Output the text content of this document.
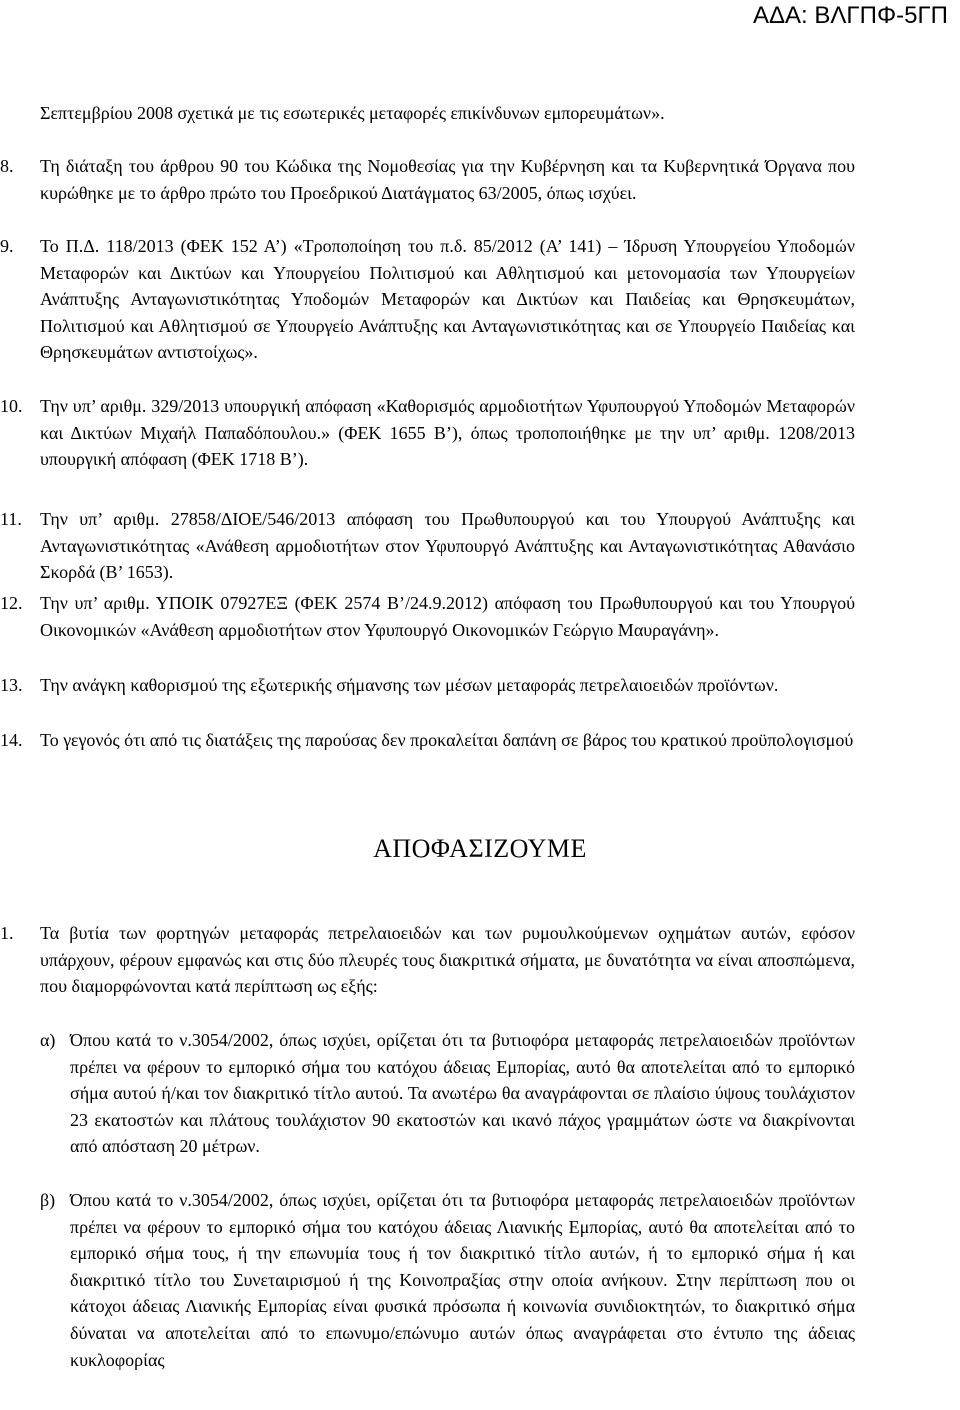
ΑΔΑ: ΒΛΓΠΦ-5ΓΠ
Σεπτεμβρίου 2008 σχετικά με τις εσωτερικές μεταφορές επικίνδυνων εμπορευμάτων».
8. Τη διάταξη του άρθρου 90 του Κώδικα της Νομοθεσίας για την Κυβέρνηση και τα Κυβερνητικά Όργανα που κυρώθηκε με το άρθρο πρώτο του Προεδρικού Διατάγματος 63/2005, όπως ισχύει.
9. Το Π.Δ. 118/2013 (ΦΕΚ 152 Α’) «Τροποποίηση του π.δ. 85/2012 (Α’ 141) – Ίδρυση Υπουργείου Υποδομών Μεταφορών και Δικτύων και Υπουργείου Πολιτισμού και Αθλητισμού και μετονομασία των Υπουργείων Ανάπτυξης Ανταγωνιστικότητας Υποδομών Μεταφορών και Δικτύων και Παιδείας και Θρησκευμάτων, Πολιτισμού και Αθλητισμού σε Υπουργείο Ανάπτυξης και Ανταγωνιστικότητας και σε Υπουργείο Παιδείας και Θρησκευμάτων αντιστοίχως».
10. Την υπ’ αριθμ. 329/2013 υπουργική απόφαση «Καθορισμός αρμοδιοτήτων Υφυπουργού Υποδομών Μεταφορών και Δικτύων Μιχαήλ Παπαδόπουλου.» (ΦΕΚ 1655 Β’), όπως τροποποιήθηκε με την υπ’ αριθμ. 1208/2013 υπουργική απόφαση (ΦΕΚ 1718 Β’).
11. Την υπ’ αριθμ. 27858/ΔΙΟΕ/546/2013 απόφαση του Πρωθυπουργού και του Υπουργού Ανάπτυξης και Ανταγωνιστικότητας «Ανάθεση αρμοδιοτήτων στον Υφυπουργό Ανάπτυξης και Ανταγωνιστικότητας Αθανάσιο Σκορδά (Β’ 1653).
12. Την υπ’ αριθμ. ΥΠΟΙΚ 07927ΕΞ (ΦΕΚ 2574 Β’/24.9.2012) απόφαση του Πρωθυπουργού και του Υπουργού Οικονομικών «Ανάθεση αρμοδιοτήτων στον Υφυπουργό Οικονομικών Γεώργιο Μαυραγάνη».
13. Την ανάγκη καθορισμού της εξωτερικής σήμανσης των μέσων μεταφοράς πετρελαιοειδών προϊόντων.
14. Το γεγονός ότι από τις διατάξεις της παρούσας δεν προκαλείται δαπάνη σε βάρος του κρατικού προϋπολογισμού
ΑΠΟΦΑΣΙΖΟΥΜΕ
1. Τα βυτία των φορτηγών μεταφοράς πετρελαιοειδών και των ρυμουλκούμενων οχημάτων αυτών, εφόσον υπάρχουν, φέρουν εμφανώς και στις δύο πλευρές τους διακριτικά σήματα, με δυνατότητα να είναι αποσπώμενα, που διαμορφώνονται κατά περίπτωση ως εξής:
α) Όπου κατά το ν.3054/2002, όπως ισχύει, ορίζεται ότι τα βυτιοφόρα μεταφοράς πετρελαιοειδών προϊόντων πρέπει να φέρουν το εμπορικό σήμα του κατόχου άδειας Εμπορίας, αυτό θα αποτελείται από το εμπορικό σήμα αυτού ή/και τον διακριτικό τίτλο αυτού. Τα ανωτέρω θα αναγράφονται σε πλαίσιο ύψους τουλάχιστον 23 εκατοστών και πλάτους τουλάχιστον 90 εκατοστών και ικανό πάχος γραμμάτων ώστε να διακρίνονται από απόσταση 20 μέτρων.
β) Όπου κατά το ν.3054/2002, όπως ισχύει, ορίζεται ότι τα βυτιοφόρα μεταφοράς πετρελαιοειδών προϊόντων πρέπει να φέρουν το εμπορικό σήμα του κατόχου άδειας Λιανικής Εμπορίας, αυτό θα αποτελείται από το εμπορικό σήμα τους, ή την επωνυμία τους ή τον διακριτικό τίτλο αυτών, ή το εμπορικό σήμα ή και διακριτικό τίτλο του Συνεταιρισμού ή της Κοινοπραξίας στην οποία ανήκουν. Στην περίπτωση που οι κάτοχοι άδειας Λιανικής Εμπορίας είναι φυσικά πρόσωπα ή κοινωνία συνιδιοκτητών, το διακριτικό σήμα δύναται να αποτελείται από το επωνυμο/επώνυμο αυτών όπως αναγράφεται στο έντυπο της άδειας κυκλοφορίας
